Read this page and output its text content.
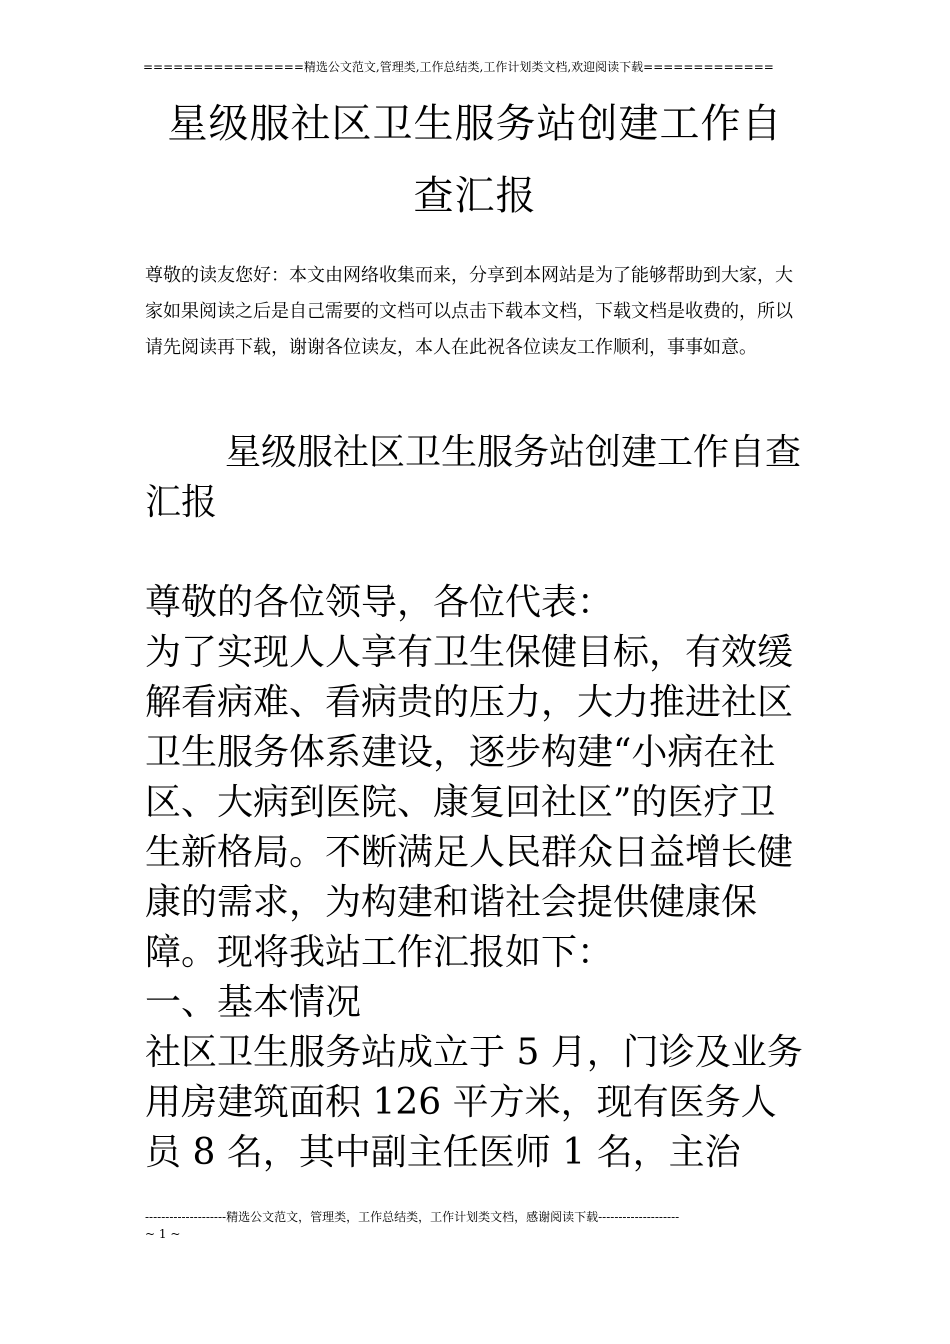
================精选公文范文,管理类,工作总结类,工作计划类文档,欢迎阅读下载=============
星级服社区卫生服务站创建工作自
查汇报

尊敬的读友您好：本文由网络收集而来，分享到本网站是为了能够帮助到大家，大家如果阅读之后是自己需要的文档可以点击下载本文档，下载文档是收费的，所以请先阅读再下载，谢谢各位读友，本人在此祝各位读友工作顺利，事事如意。

星级服社区卫生服务站创建工作自查汇报

尊敬的各位领导，各位代表：

为了实现人人享有卫生保健目标，有效缓解看病难、看病贵的压力，大力推进社区卫生服务体系建设，逐步构建“小病在社区、大病到医院、康复回社区”的医疗卫生新格局。不断满足人民群众日益增长健康的需求，为构建和谐社会提供健康保障。现将我站工作汇报如下：

一、基本情况

社区卫生服务站成立于 5 月，门诊及业务用房建筑面积 126 平方米，现有医务人员 8 名，其中副主任医师 1 名，主治

--------------------精选公文范文，管理类，工作总结类，工作计划类文档，感谢阅读下载--------------------
~ 1 ~
